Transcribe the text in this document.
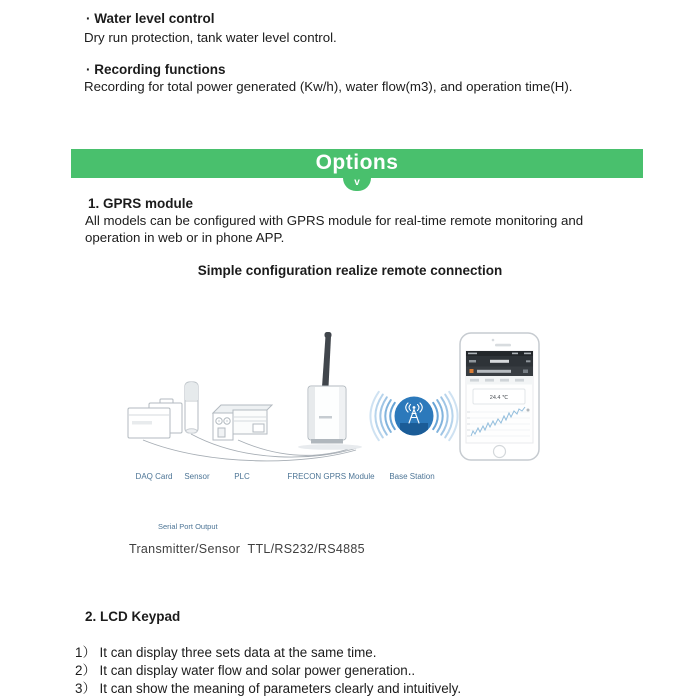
· Water level control
Dry run protection, tank water level control.
· Recording functions
Recording for total power generated (Kw/h), water flow(m3), and operation time(H).
Options
v
1. GPRS module
All models can be configured with GPRS module for real-time remote monitoring and
operation in web or in phone APP.
Simple configuration realize remote connection
24.4 ℃
DAQ Card Sensor	PLC	FRECON GPRS Module Base Station
Serial Port Output
Transmitter/Sensor  TTL/RS232/RS4885
2. LCD Keypad
1） It can display three sets data at the same time.
2） It can display water flow and solar power generation..
3） It can show the meaning of parameters clearly and intuitively.
